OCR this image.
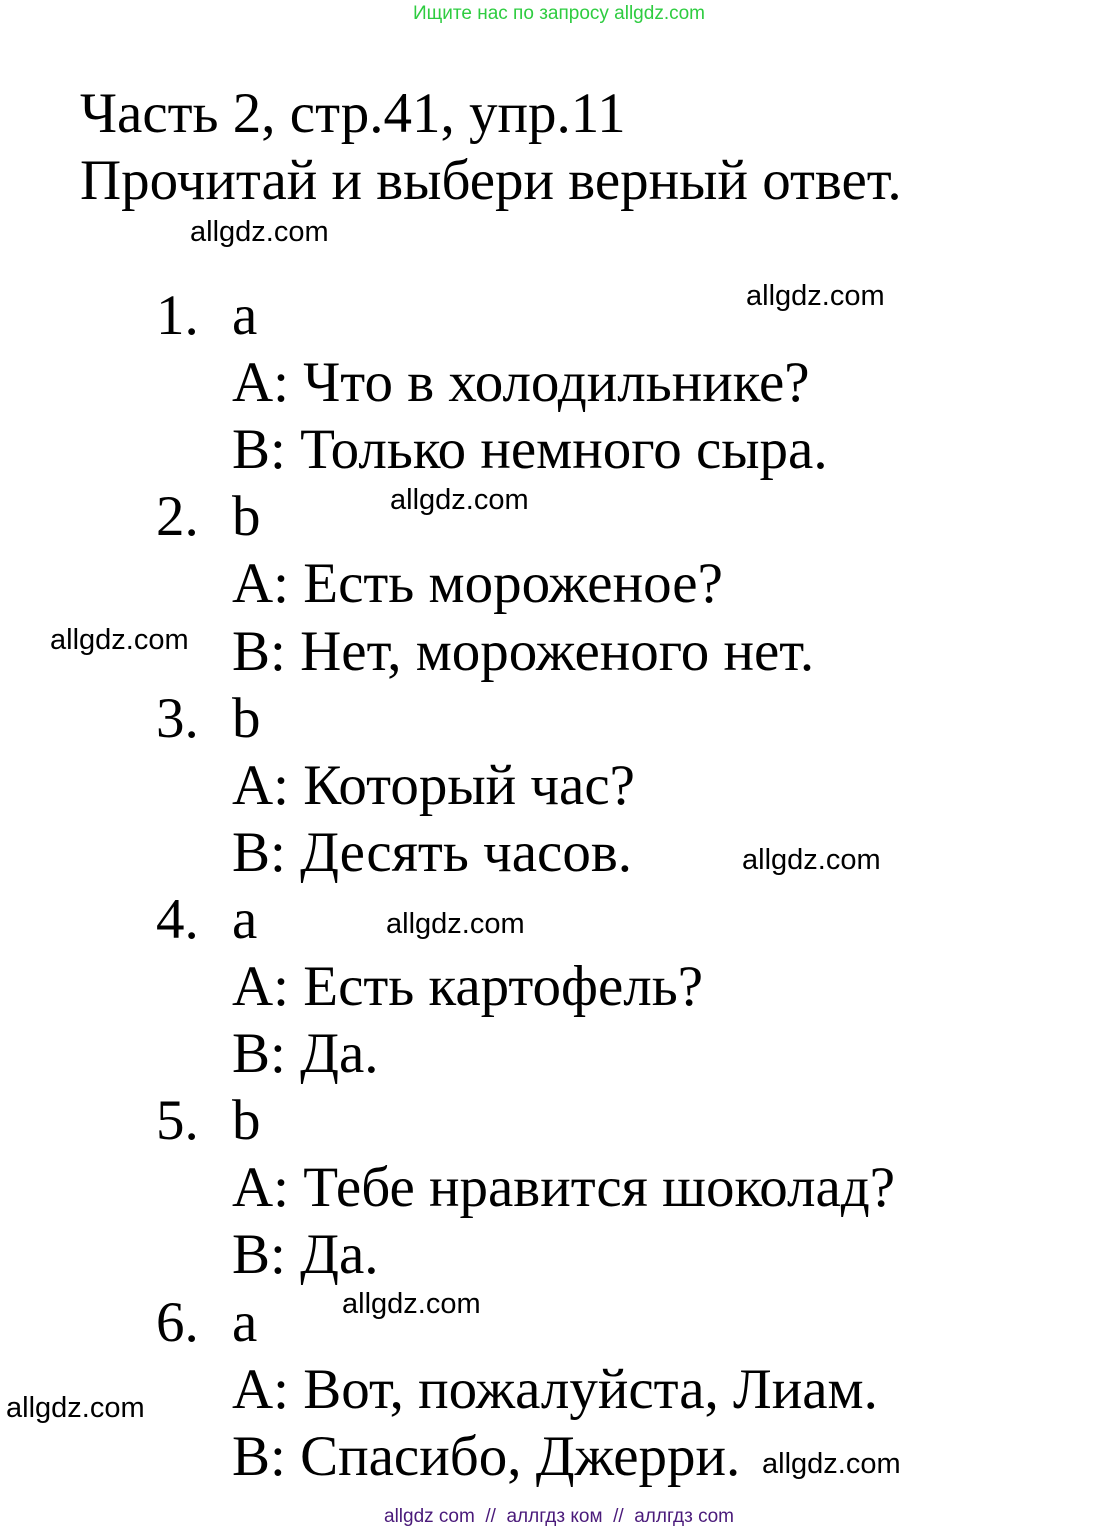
Ищите нас по запросу allgdz.com
Часть 2, стр.41, упр.11
Прочитай и выбери верный ответ.
1. a
A: Что в холодильнике?
B: Только немного сыра.
2. b
A: Есть мороженое?
B: Нет, мороженого нет.
3. b
A: Который час?
B: Десять часов.
4. a
A: Есть картофель?
B: Да.
5. b
A: Тебе нравится шоколад?
B: Да.
6. a
A: Вот, пожалуйста, Лиам.
B: Спасибо, Джерри.
allgdz.com
allgdz.com
allgdz.com
allgdz.com
allgdz.com
allgdz.com
allgdz.com
allgdz.com
allgdz.com
allgdz com  //  аллгдз ком  //  аллгдз com
